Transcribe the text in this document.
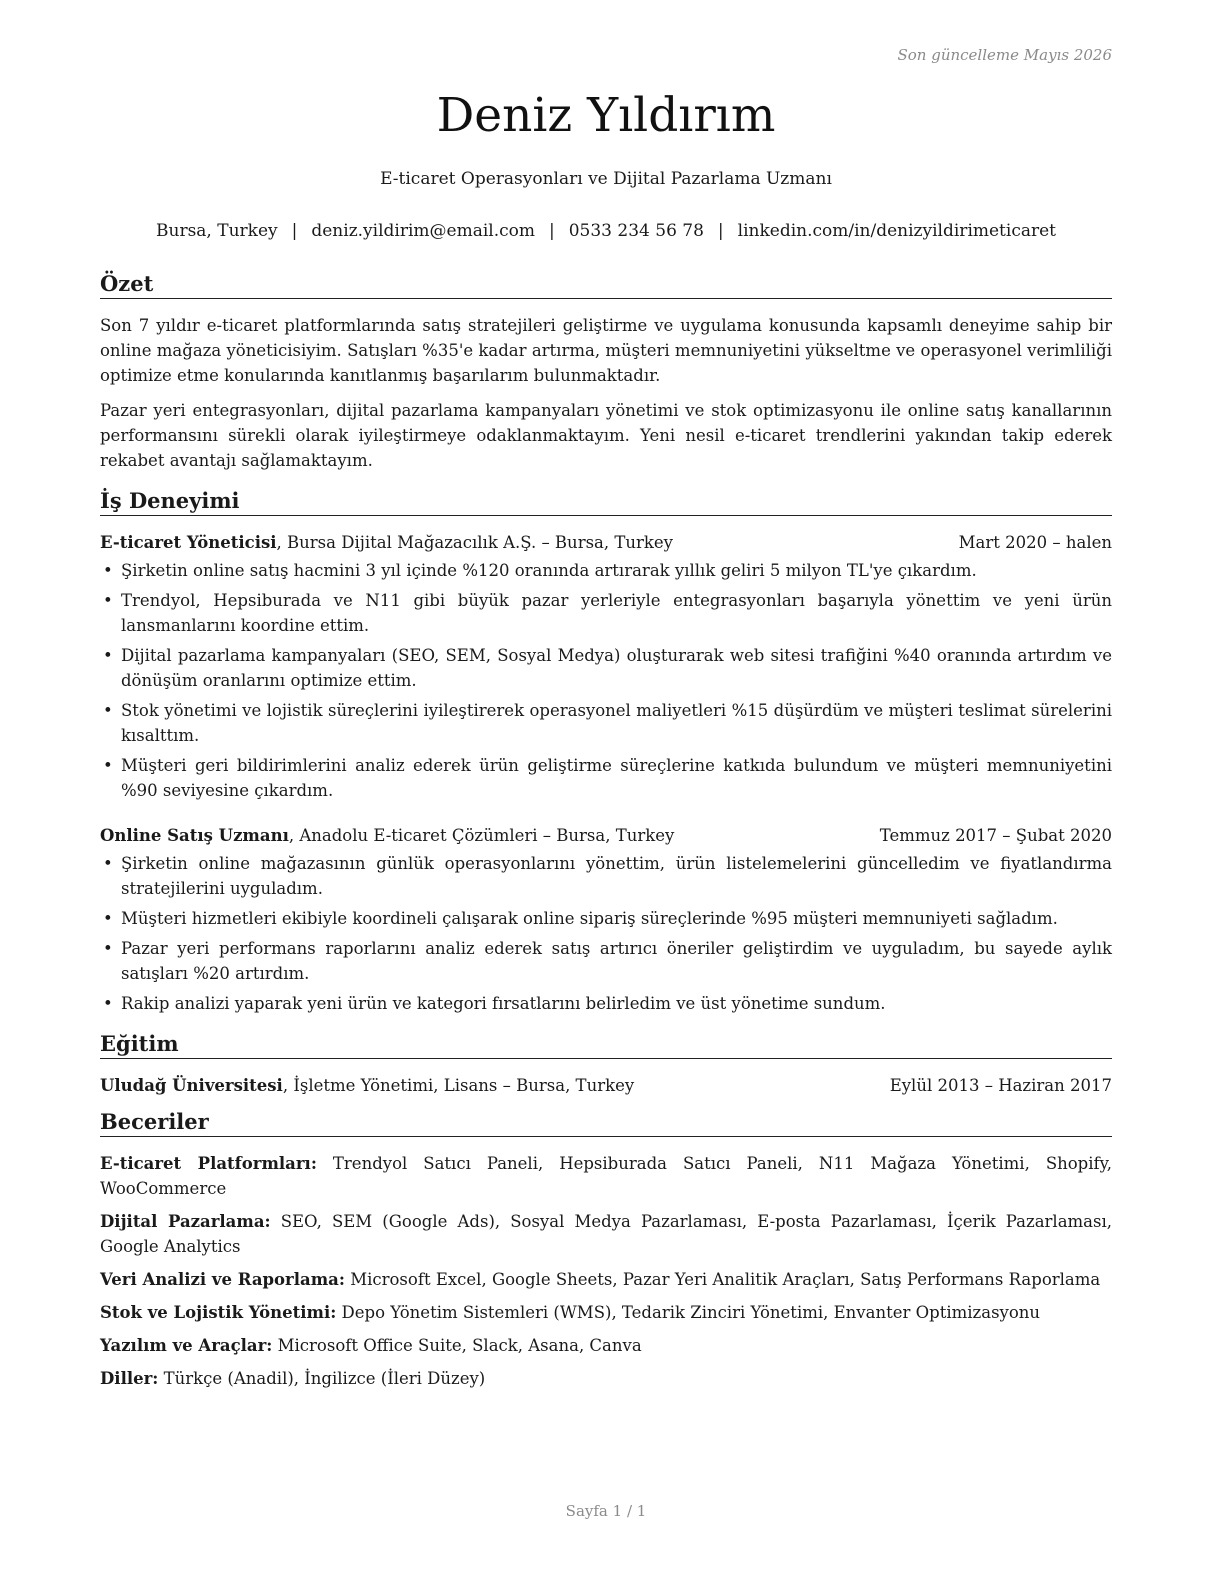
Son güncelleme Mayıs 2026
Deniz Yıldırım
E-ticaret Operasyonları ve Dijital Pazarlama Uzmanı
Bursa, Turkey | deniz.yildirim@email.com | 0533 234 56 78 | linkedin.com/in/denizyildirimeticaret
Özet

Son 7 yıldır e-ticaret platformlarında satış stratejileri geliştirme ve uygulama konusunda kapsamlı deneyime sahip bir online mağaza yöneticisiyim. Satışları %35'e kadar artırma, müşteri memnuniyetini yükseltme ve operasyonel verimliliği optimize etme konularında kanıtlanmış başarılarım bulunmaktadır.

Pazar yeri entegrasyonları, dijital pazarlama kampanyaları yönetimi ve stok optimizasyonu ile online satış kanallarının performansını sürekli olarak iyileştirmeye odaklanmaktayım. Yeni nesil e-ticaret trendlerini yakından takip ederek rekabet avantajı sağlamaktayım.

İş Deneyimi
E-ticaret Yöneticisi, Bursa Dijital Mağazacılık A.Ş. – Bursa, Turkey	Mart 2020 – halen
• Şirketin online satış hacmini 3 yıl içinde %120 oranında artırarak yıllık geliri 5 milyon TL'ye çıkardım.
• Trendyol, Hepsiburada ve N11 gibi büyük pazar yerleriyle entegrasyonları başarıyla yönettim ve yeni ürün lansmanlarını koordine ettim.
• Dijital pazarlama kampanyaları (SEO, SEM, Sosyal Medya) oluşturarak web sitesi trafiğini %40 oranında artırdım ve dönüşüm oranlarını optimize ettim.
• Stok yönetimi ve lojistik süreçlerini iyileştirerek operasyonel maliyetleri %15 düşürdüm ve müşteri teslimat sürelerini kısalttım.
• Müşteri geri bildirimlerini analiz ederek ürün geliştirme süreçlerine katkıda bulundum ve müşteri memnuniyetini %90 seviyesine çıkardım.
Online Satış Uzmanı, Anadolu E-ticaret Çözümleri – Bursa, Turkey	Temmuz 2017 – Şubat 2020
• Şirketin online mağazasının günlük operasyonlarını yönettim, ürün listelemelerini güncelledim ve fiyatlandırma stratejilerini uyguladım.
• Müşteri hizmetleri ekibiyle koordineli çalışarak online sipariş süreçlerinde %95 müşteri memnuniyeti sağladım.
• Pazar yeri performans raporlarını analiz ederek satış artırıcı öneriler geliştirdim ve uyguladım, bu sayede aylık satışları %20 artırdım.
• Rakip analizi yaparak yeni ürün ve kategori fırsatlarını belirledim ve üst yönetime sundum.
Eğitim
Uludağ Üniversitesi, İşletme Yönetimi, Lisans – Bursa, Turkey	Eylül 2013 – Haziran 2017
Beceriler

E-ticaret Platformları: Trendyol Satıcı Paneli, Hepsiburada Satıcı Paneli, N11 Mağaza Yönetimi, Shopify, WooCommerce

Dijital Pazarlama: SEO, SEM (Google Ads), Sosyal Medya Pazarlaması, E-posta Pazarlaması, İçerik Pazarlaması, Google Analytics

Veri Analizi ve Raporlama: Microsoft Excel, Google Sheets, Pazar Yeri Analitik Araçları, Satış Performans Raporlama

Stok ve Lojistik Yönetimi: Depo Yönetim Sistemleri (WMS), Tedarik Zinciri Yönetimi, Envanter Optimizasyonu

Yazılım ve Araçlar: Microsoft Office Suite, Slack, Asana, Canva

Diller: Türkçe (Anadil), İngilizce (İleri Düzey)

Sayfa 1 / 1
